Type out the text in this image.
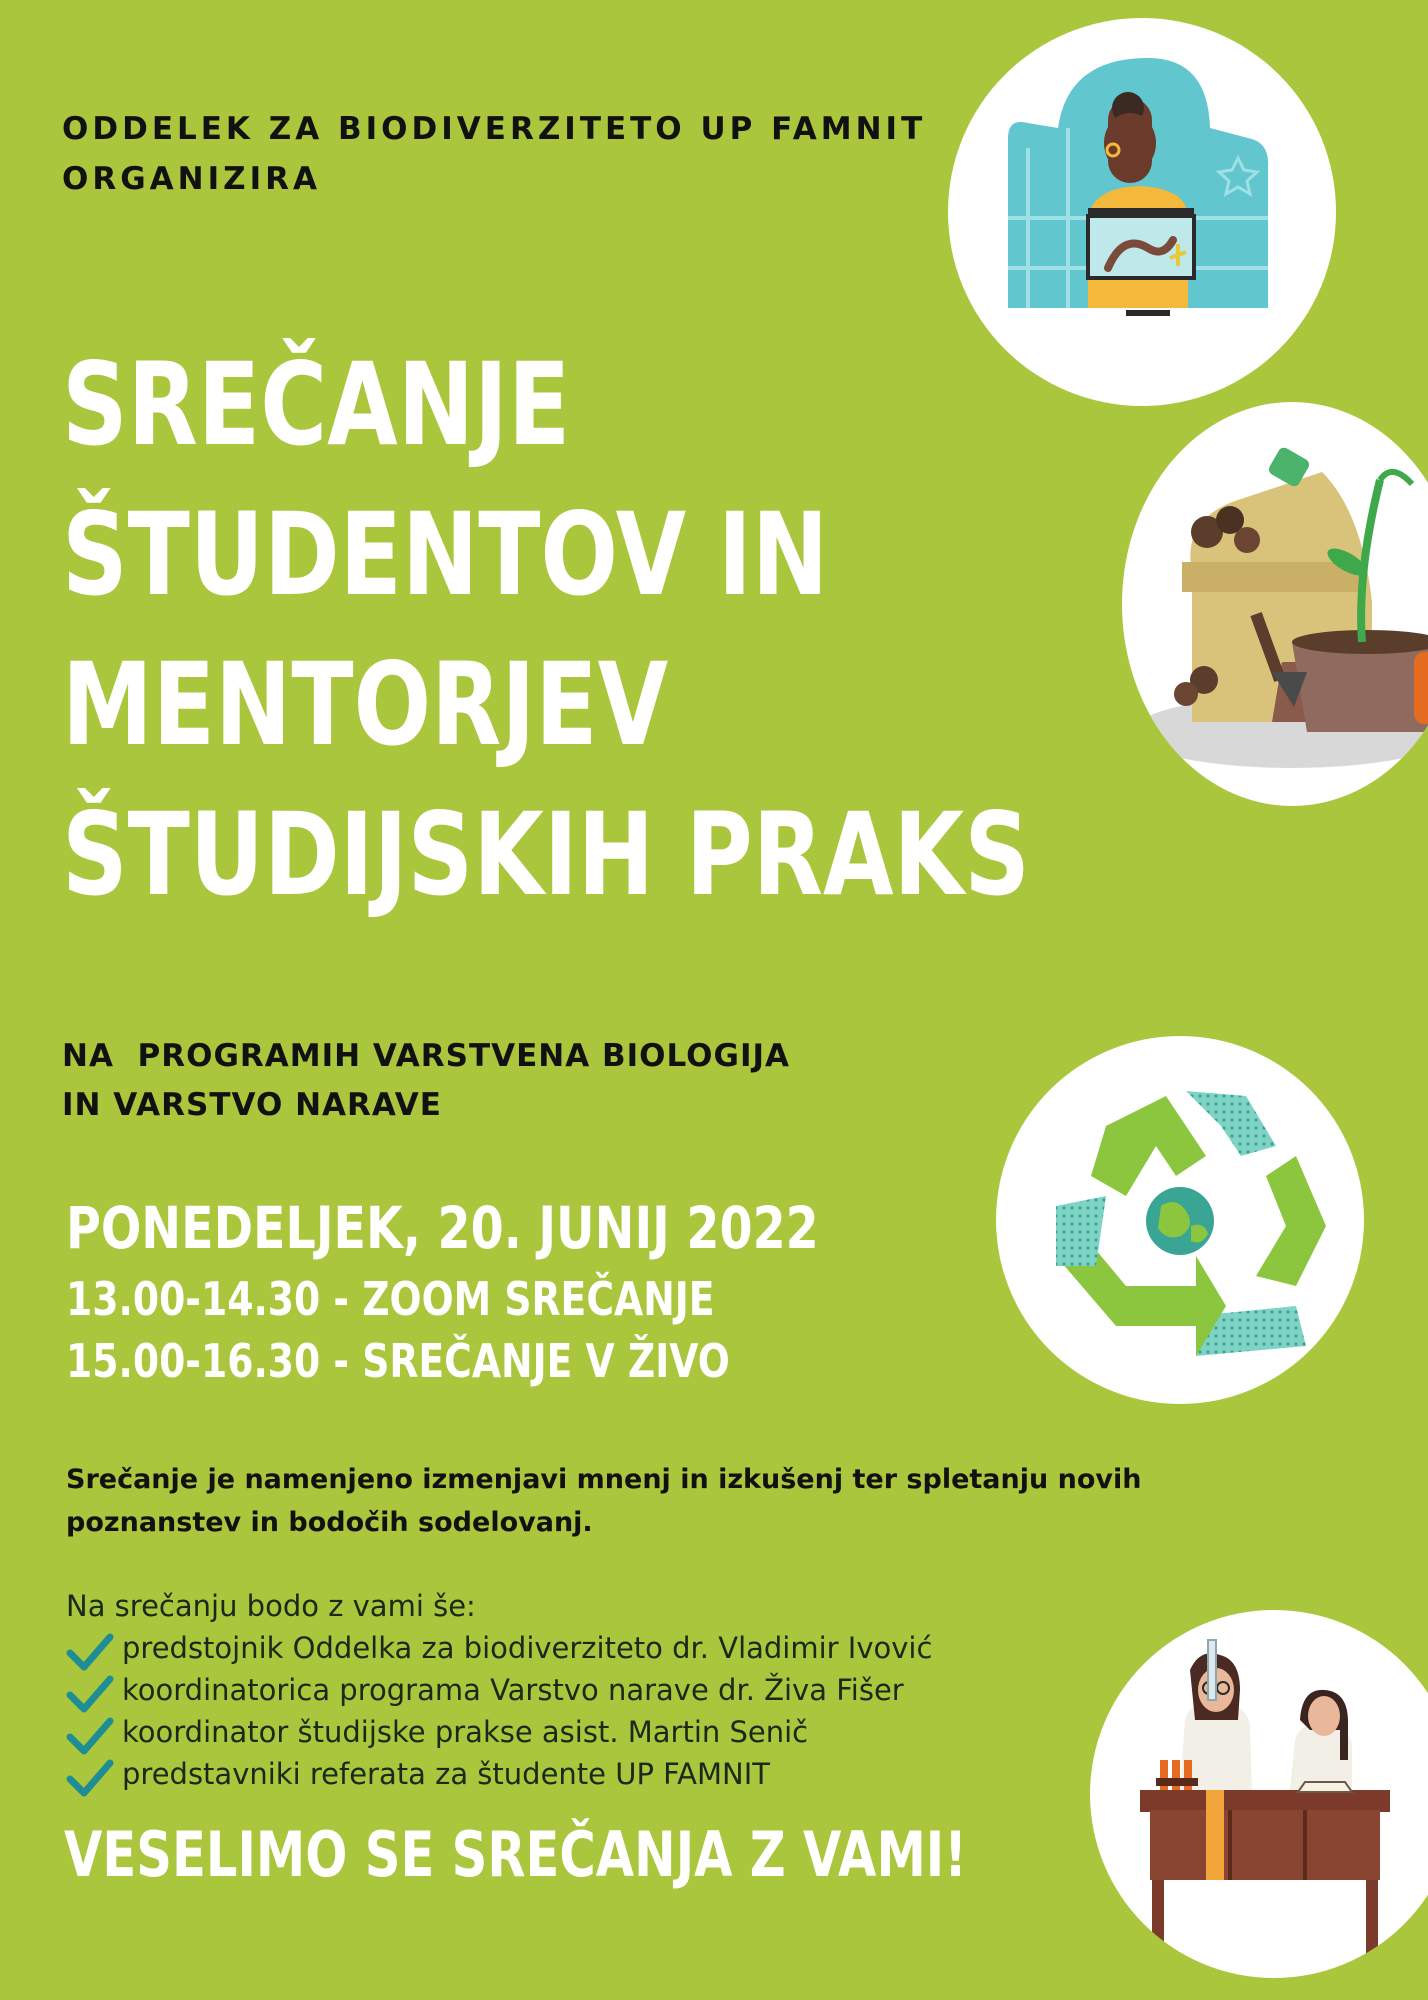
ODDELEK ZA BIODIVERZITETO UP FAMNIT
ORGANIZIRA
SREČANJE
ŠTUDENTOV IN
MENTORJEV
ŠTUDIJSKIH PRAKS
NA  PROGRAMIH VARSTVENA BIOLOGIJA
IN VARSTVO NARAVE
PONEDELJEK, 20. JUNIJ 2022
13.00-14.30 - ZOOM SREČANJE
15.00-16.30 - SREČANJE V ŽIVO
Srečanje je namenjeno izmenjavi mnenj in izkušenj ter spletanju novih
poznanstev in bodočih sodelovanj.
Na srečanju bodo z vami še:
predstojnik Oddelka za biodiverziteto dr. Vladimir Ivović
koordinatorica programa Varstvo narave dr. Živa Fišer
koordinator študijske prakse asist. Martin Senič
predstavniki referata za študente UP FAMNIT
VESELIMO SE SREČANJA Z VAMI!
